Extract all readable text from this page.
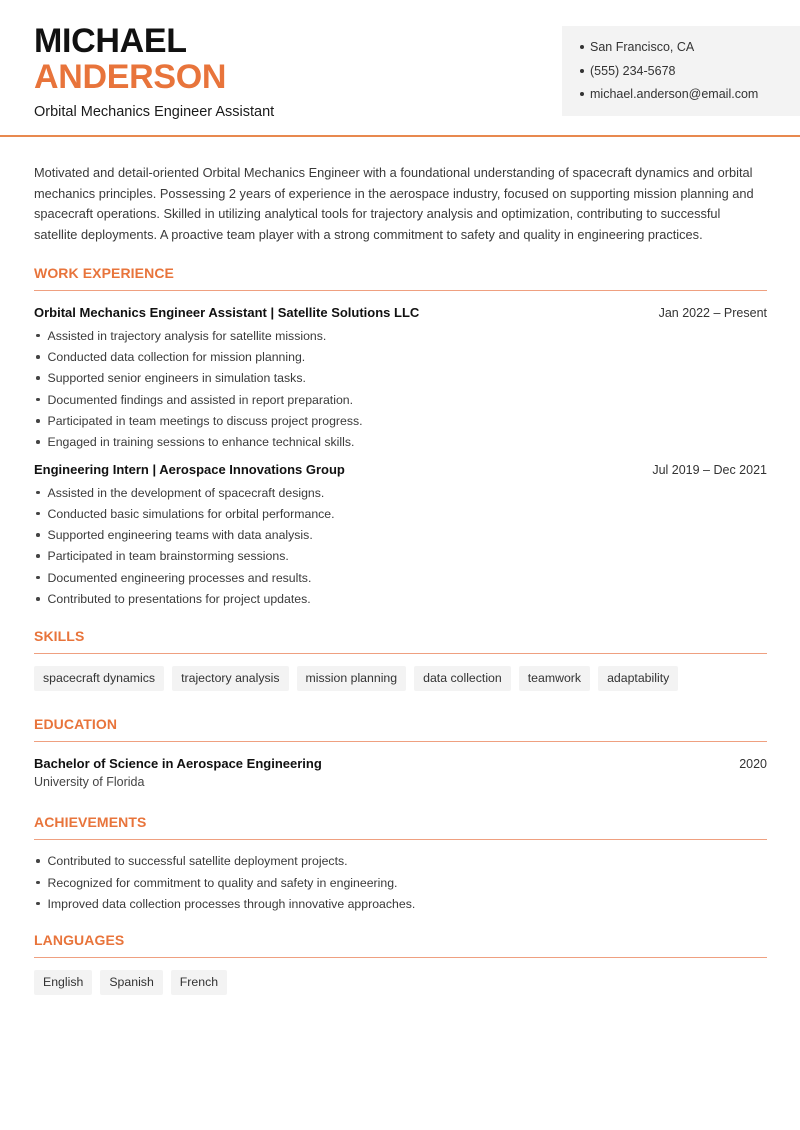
MICHAEL
ANDERSON
Orbital Mechanics Engineer Assistant
San Francisco, CA
(555) 234-5678
michael.anderson@email.com

Motivated and detail-oriented Orbital Mechanics Engineer with a foundational understanding of spacecraft dynamics and orbital mechanics principles. Possessing 2 years of experience in the aerospace industry, focused on supporting mission planning and spacecraft operations. Skilled in utilizing analytical tools for trajectory analysis and optimization, contributing to successful satellite deployments. A proactive team player with a strong commitment to safety and quality in engineering practices.

WORK EXPERIENCE
Orbital Mechanics Engineer Assistant | Satellite Solutions LLC	Jan 2022 – Present
Assisted in trajectory analysis for satellite missions.
Conducted data collection for mission planning.
Supported senior engineers in simulation tasks.
Documented findings and assisted in report preparation.
Participated in team meetings to discuss project progress.
Engaged in training sessions to enhance technical skills.
Engineering Intern | Aerospace Innovations Group	Jul 2019 – Dec 2021
Assisted in the development of spacecraft designs.
Conducted basic simulations for orbital performance.
Supported engineering teams with data analysis.
Participated in team brainstorming sessions.
Documented engineering processes and results.
Contributed to presentations for project updates.
SKILLS
spacecraft dynamics	trajectory analysis	mission planning	data collection	teamwork	adaptability
EDUCATION
Bachelor of Science in Aerospace Engineering	2020
University of Florida
ACHIEVEMENTS
Contributed to successful satellite deployment projects.
Recognized for commitment to quality and safety in engineering.
Improved data collection processes through innovative approaches.
LANGUAGES
English	Spanish	French
